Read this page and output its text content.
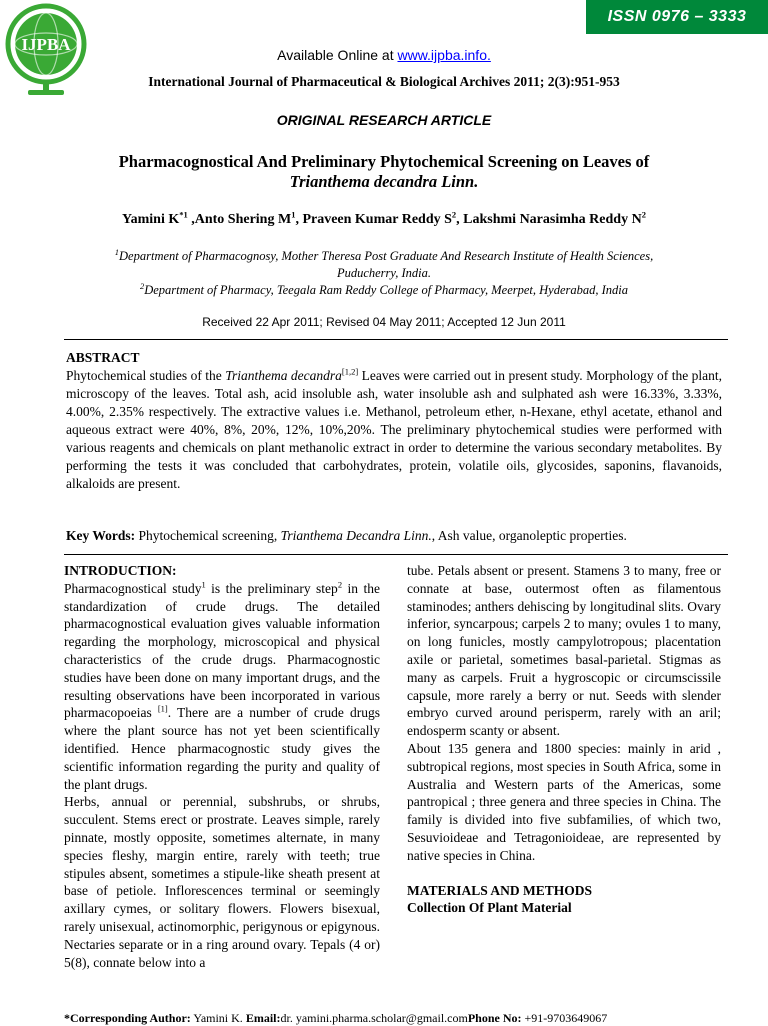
IJPBA
ISSN 0976 – 3333
Available Online at www.ijpba.info.
International Journal of Pharmaceutical & Biological Archives 2011; 2(3):951-953
ORIGINAL RESEARCH ARTICLE
Pharmacognostical And Preliminary Phytochemical Screening on Leaves of
Trianthema decandra Linn.
Yamini $K^{*1}$ ,Anto Shering $M^1$, Praveen Kumar Reddy $S^2$, Lakshmi Narasimha Reddy $N^2$
$^1$Department of Pharmacognosy, Mother Theresa Post Graduate And Research Institute of Health Sciences,
Puducherry, India.
$^2$Department of Pharmacy, Teegala Ram Reddy College of Pharmacy, Meerpet, Hyderabad, India
Received 22 Apr 2011; Revised 04 May 2011; Accepted 12 Jun 2011
ABSTRACT

Phytochemical studies of the Trianthema decandra[1,2] Leaves were carried out in present study. Morphology of the plant, microscopy of the leaves. Total ash, acid insoluble ash, water insoluble ash and sulphated ash were 16.33%, 3.33%, 4.00%, 2.35% respectively. The extractive values i.e. Methanol, petroleum ether, n-Hexane, ethyl acetate, ethanol and aqueous extract were 40%, 8%, 20%, 12%, 10%,20%. The preliminary phytochemical studies were performed with various reagents and chemicals on plant methanolic extract in order to determine the various secondary metabolites. By performing the tests it was concluded that carbohydrates, protein, volatile oils, glycosides, saponins, flavanoids, alkaloids are present.

Key Words: Phytochemical screening, Trianthema Decandra Linn., Ash value, organoleptic properties.

INTRODUCTION:

Pharmacognostical study$^1$ is the preliminary step$^2$ in the standardization of crude drugs. The detailed pharmacognostical evaluation gives valuable information regarding the morphology, microscopical and physical characteristics of the crude drugs. Pharmacognostic studies have been done on many important drugs, and the resulting observations have been incorporated in various pharmacopoeias [1]. There are a number of crude drugs where the plant source has not yet been scientifically identified. Hence pharmacognostic study gives the scientific information regarding the purity and quality of the plant drugs.

Herbs, annual or perennial, subshrubs, or shrubs, succulent. Stems erect or prostrate. Leaves simple, rarely pinnate, mostly opposite, sometimes alternate, in many species fleshy, margin entire, rarely with teeth; true stipules absent, sometimes a stipule-like sheath present at base of petiole. Inflorescences terminal or seemingly axillary cymes, or solitary flowers. Flowers bisexual, rarely unisexual, actinomorphic, perigynous or epigynous. Nectaries separate or in a ring around ovary. Tepals (4 or) 5(8), connate below into a

tube. Petals absent or present. Stamens 3 to many, free or connate at base, outermost often as filamentous staminodes; anthers dehiscing by longitudinal slits. Ovary inferior, syncarpous; carpels 2 to many; ovules 1 to many, on long funicles, mostly campylotropous; placentation axile or parietal, sometimes basal-parietal. Stigmas as many as carpels. Fruit a hygroscopic or circumscissile capsule, more rarely a berry or nut. Seeds with slender embryo curved around perisperm, rarely with an aril; endosperm scanty or absent.

About 135 genera and 1800 species: mainly in arid , subtropical regions, most species in South Africa, some in Australia and Western parts of the Americas, some pantropical ; three genera and three species in China. The family is divided into five subfamilies, of which two, Sesuvioideae and Tetragonioideae, are represented by native species in China.

MATERIALS AND METHODS

Collection Of Plant Material

*Corresponding Author: Yamini K. Email:dr. yamini.pharma.scholar@gmail.comPhone No: +91-9703649067
